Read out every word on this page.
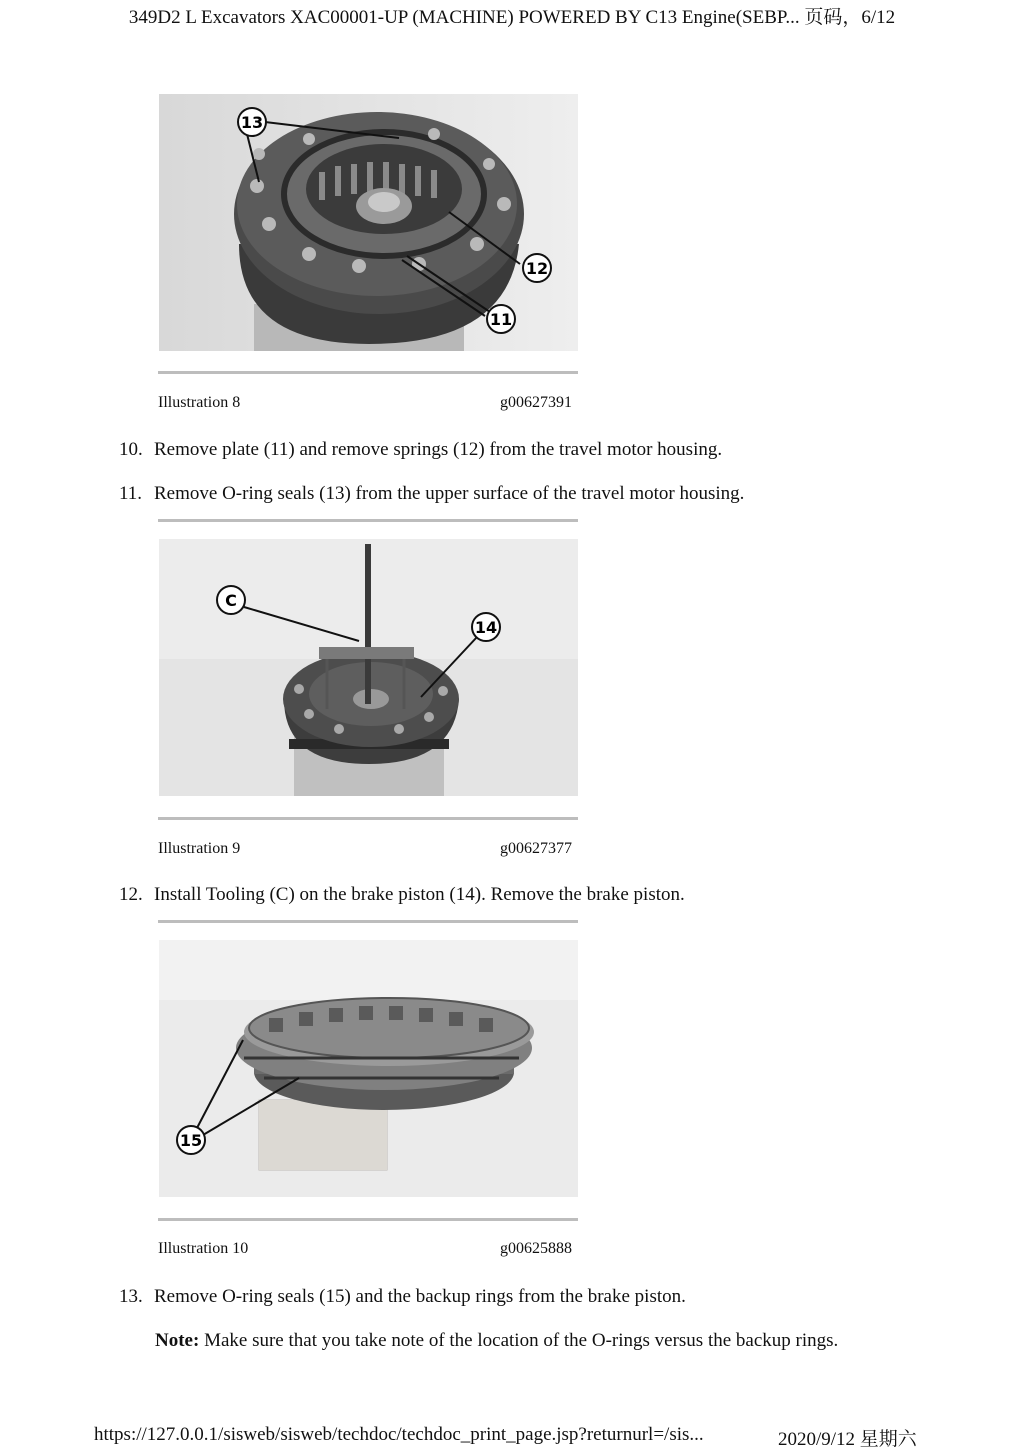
349D2 L Excavators XAC00001-UP (MACHINE) POWERED BY C13 Engine(SEBP... 页码，6/12
13
12
11
Illustration 8	g00627391
10. Remove plate (11) and remove springs (12) from the travel motor housing.
11. Remove O-ring seals (13) from the upper surface of the travel motor housing.
C
14
Illustration 9	g00627377
12. Install Tooling (C) on the brake piston (14). Remove the brake piston.
15
Illustration 10	g00625888
13. Remove O-ring seals (15) and the backup rings from the brake piston.
Note: Make sure that you take note of the location of the O-rings versus the backup rings.
https://127.0.0.1/sisweb/sisweb/techdoc/techdoc_print_page.jsp?returnurl=/sis...	2020/9/12 星期六
